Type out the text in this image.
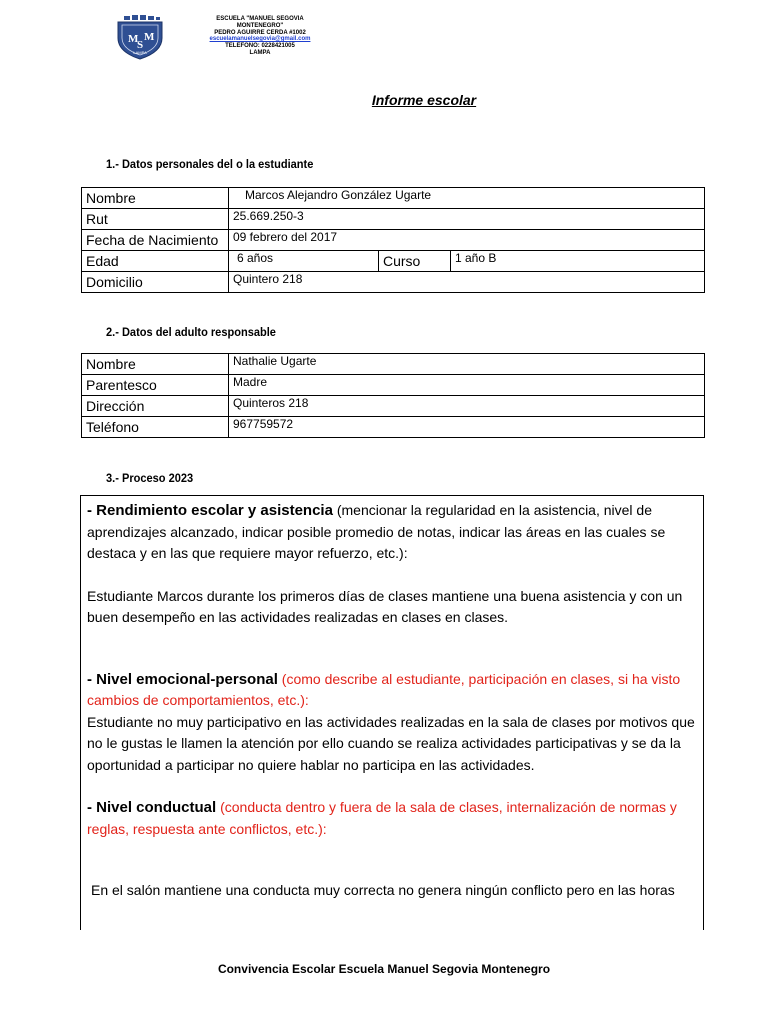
M
S
M
LAMPA
ESCUELA "MANUEL SEGOVIA
MONTENEGRO"
PEDRO AGUIRRE CERDA #1002
escuelamanuelsegovia@gmail.com
TELEFONO: 0228421005
LAMPA
Informe escolar
1.- Datos personales del o la estudiante
Nombre	Marcos Alejandro González Ugarte		
Rut	25.669.250-3		
Fecha de Nacimiento	09 febrero del 2017		
Edad	6 años	Curso	1 año B
Domicilio	Quintero 218		
2.- Datos del adulto responsable
Nombre	Nathalie Ugarte
Parentesco	Madre
Dirección	Quinteros 218
Teléfono	967759572
3.- Proceso 2023

- Rendimiento escolar y asistencia (mencionar la regularidad en la asistencia, nivel de aprendizajes alcanzado, indicar posible promedio de notas, indicar las áreas en las cuales se destaca y en las que requiere mayor refuerzo, etc.):

Estudiante Marcos durante los primeros días de clases mantiene una buena asistencia y con un buen desempeño en las actividades realizadas en clases en clases.

- Nivel emocional-personal (como describe al estudiante, participación en clases, si ha visto cambios de comportamientos, etc.):

Estudiante no muy participativo en las actividades realizadas en la sala de clases por motivos que no le gustas le llamen la atención por ello cuando se realiza actividades participativas y se da la oportunidad a participar no quiere hablar no participa en las actividades.

- Nivel conductual (conducta dentro y fuera de la sala de clases, internalización de normas y reglas, respuesta ante conflictos, etc.):

En el salón mantiene una conducta muy correcta no genera ningún conflicto pero en las horas

Convivencia Escolar Escuela Manuel Segovia Montenegro
